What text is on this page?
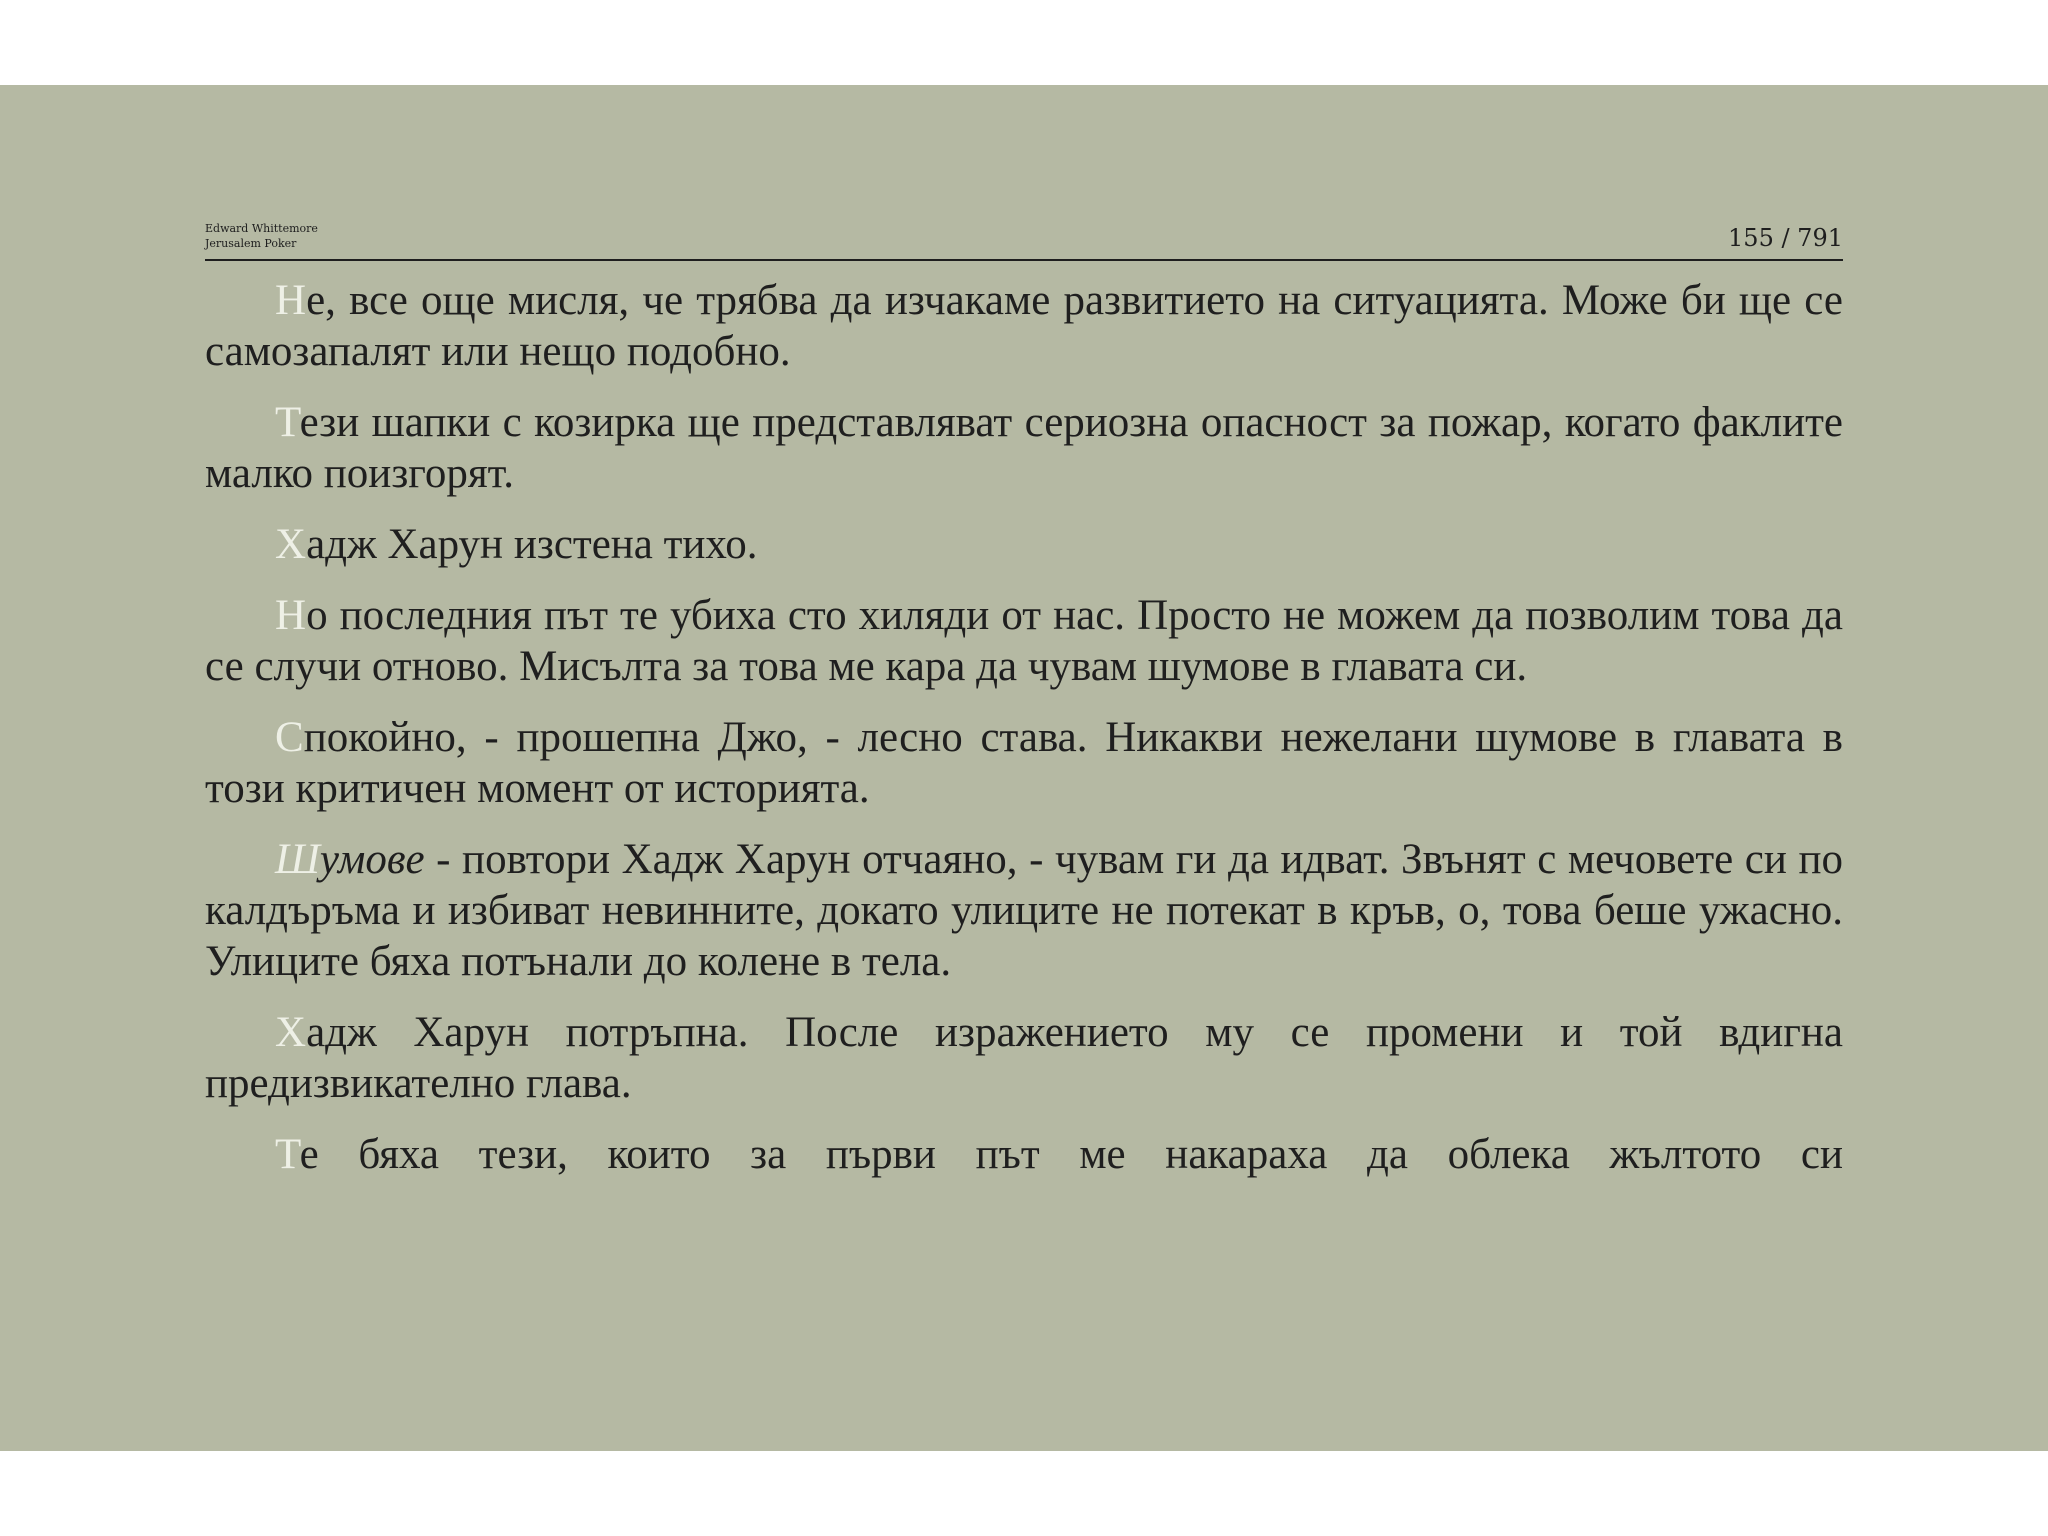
Edward Whittemore
Jerusalem Poker	155 / 791

Не, все още мисля, че трябва да изчакаме развитието на ситуацията. Може би ще се самозапалят или нещо подобно.

Тези шапки с козирка ще представляват сериозна опасност за пожар, когато факлите малко поизгорят.

Хадж Харун изстена тихо.

Но последния път те убиха сто хиляди от нас. Просто не можем да позволим това да се случи отново. Мисълта за това ме кара да чувам шумове в главата си.

Спокойно, - прошепна Джо, - лесно става. Никакви нежелани шумове в главата в този критичен момент от историята.

Шумове - повтори Хадж Харун отчаяно, - чувам ги да идват. Звънят с мечовете си по калдъръма и избиват невинните, докато улиците не потекат в кръв, о, това беше ужасно. Улиците бяха потънали до колене в тела.

Хадж Харун потръпна. После изражението му се промени и той вдигна предизвикателно глава.

Те бяха тези, които за първи път ме накараха да облека жълтото си
